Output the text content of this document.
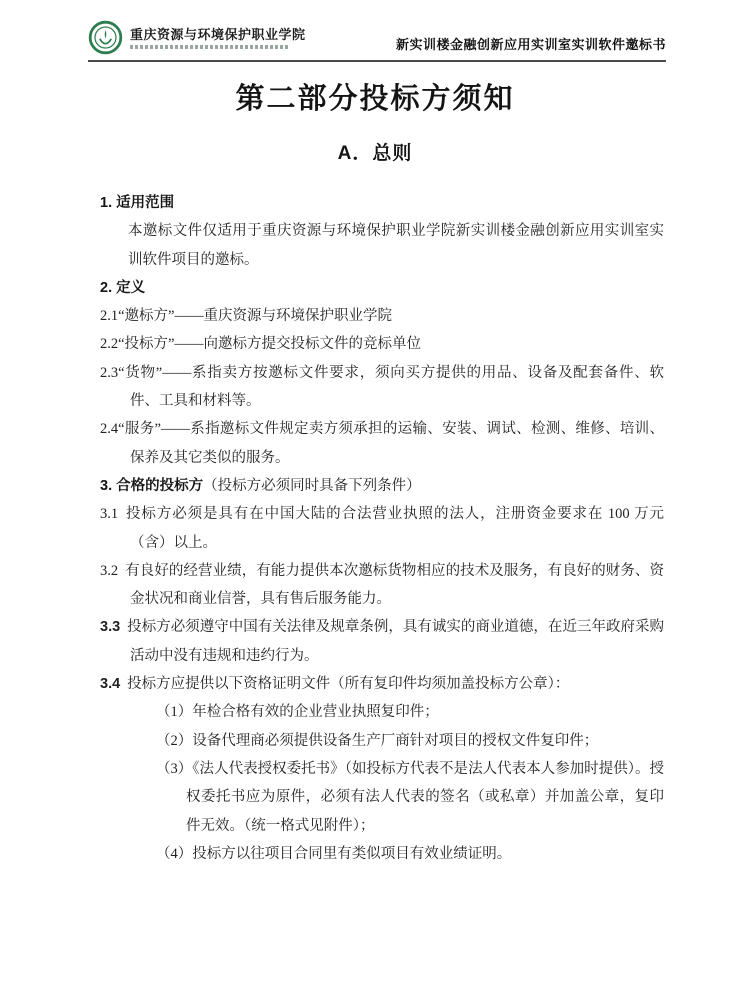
重庆资源与环境保护职业学院
新实训楼金融创新应用实训室实训软件邀标书
第二部分投标方须知
A．总则
1. 适用范围
本邀标文件仅适用于重庆资源与环境保护职业学院新实训楼金融创新应用实训室实训软件项目的邀标。
2. 定义
2.1“邀标方”——重庆资源与环境保护职业学院
2.2“投标方”——向邀标方提交投标文件的竞标单位
2.3“货物”——系指卖方按邀标文件要求，须向买方提供的用品、设备及配套备件、软件、工具和材料等。
2.4“服务”——系指邀标文件规定卖方须承担的运输、安装、调试、检测、维修、培训、保养及其它类似的服务。
3. 合格的投标方（投标方必须同时具备下列条件）
3.1 投标方必须是具有在中国大陆的合法营业执照的法人，注册资金要求在 100 万元（含）以上。
3.2 有良好的经营业绩，有能力提供本次邀标货物相应的技术及服务，有良好的财务、资金状况和商业信誉，具有售后服务能力。
3.3 投标方必须遵守中国有关法律及规章条例，具有诚实的商业道德，在近三年政府采购活动中没有违规和违约行为。
3.4 投标方应提供以下资格证明文件（所有复印件均须加盖投标方公章）：
（1）年检合格有效的企业营业执照复印件；
（2）设备代理商必须提供设备生产厂商针对项目的授权文件复印件；
（3）《法人代表授权委托书》（如投标方代表不是法人代表本人参加时提供）。授权委托书应为原件，必须有法人代表的签名（或私章）并加盖公章，复印件无效。（统一格式见附件）；
（4）投标方以往项目合同里有类似项目有效业绩证明。
